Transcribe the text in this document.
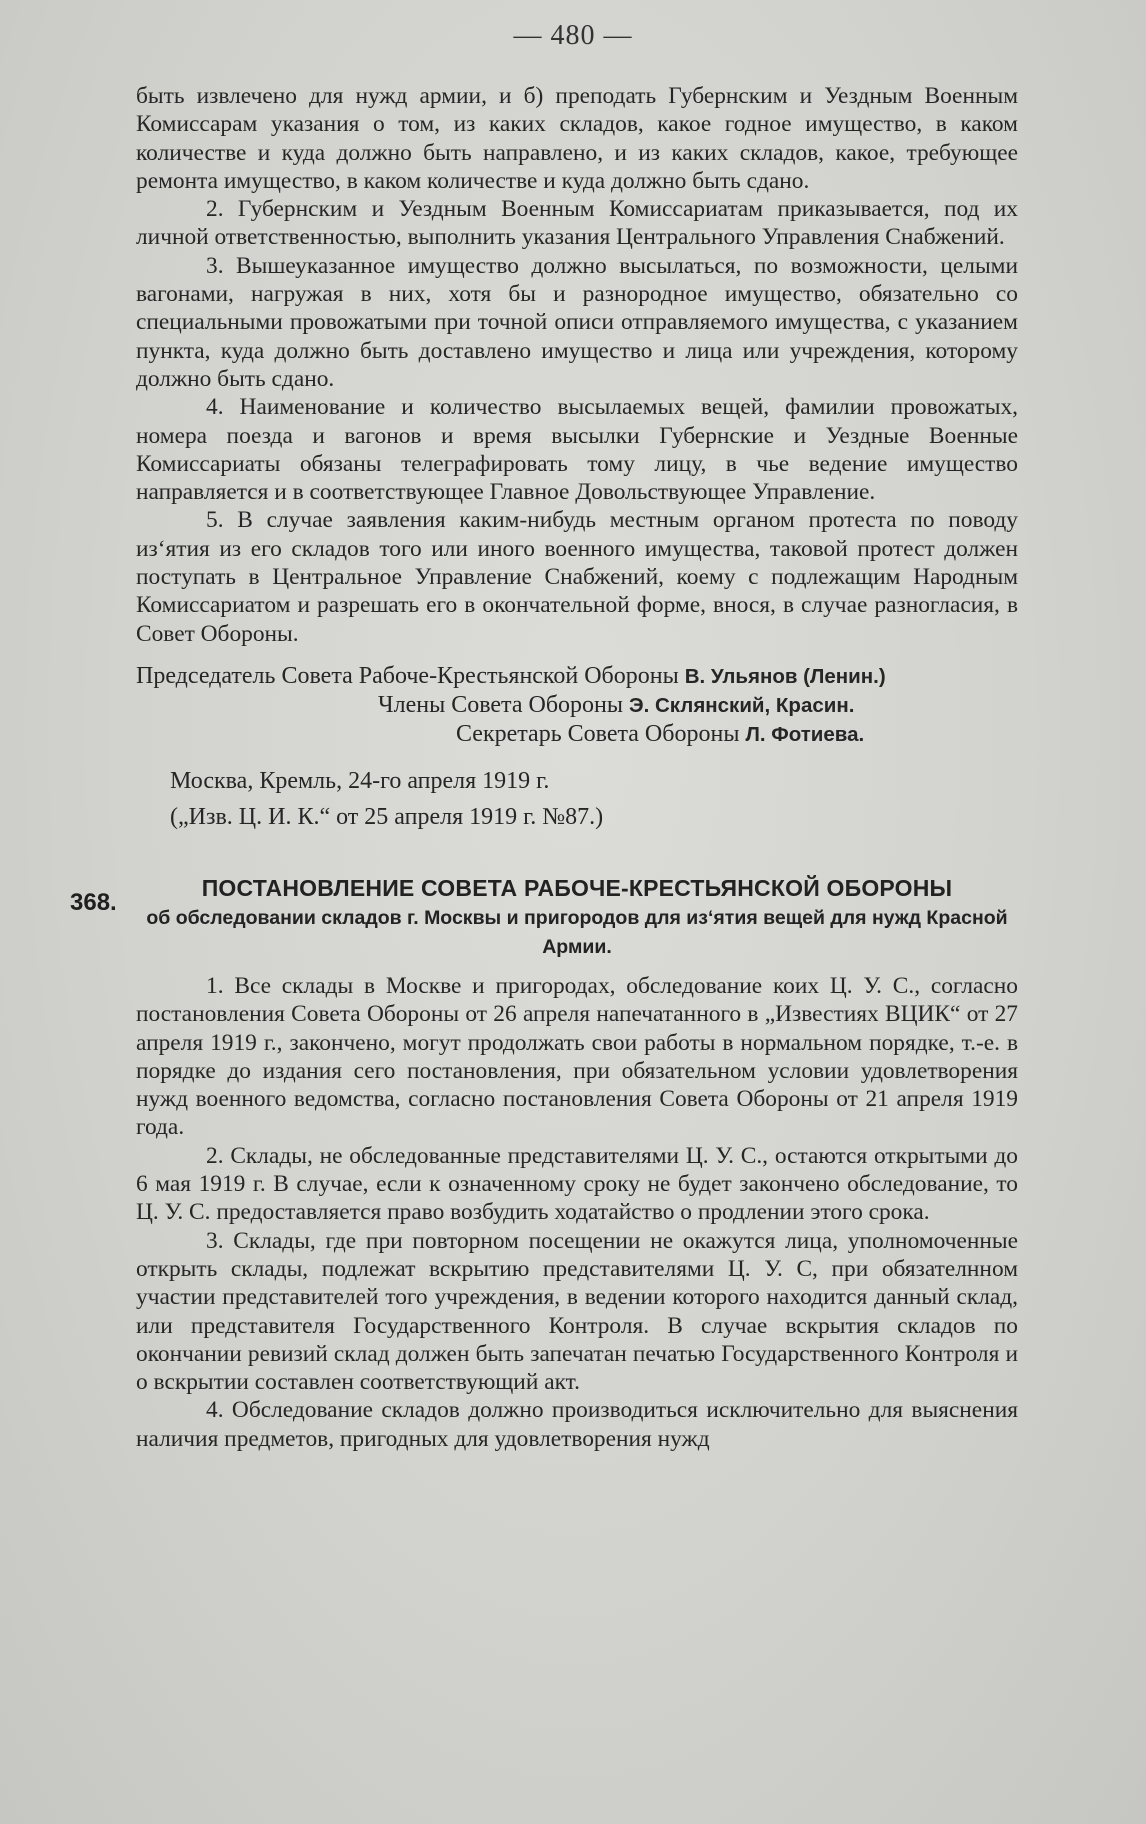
— 480 —

быть извлечено для нужд армии, и б) преподать Губернским и Уездным Военным Комиссарам указания о том, из каких складов, какое годное имущество, в каком количестве и куда должно быть направлено, и из каких складов, какое, требующее ремонта имущество, в каком количестве и куда должно быть сдано.

2. Губернским и Уездным Военным Комиссариатам приказывается, под их личной ответственностью, выполнить указания Центрального Управления Снабжений.

3. Вышеуказанное имущество должно высылаться, по возможности, целыми вагонами, нагружая в них, хотя бы и разнородное имущество, обязательно со специальными провожатыми при точной описи отправляемого имущества, с указанием пункта, куда должно быть доставлено имущество и лица или учреждения, которому должно быть сдано.

4. Наименование и количество высылаемых вещей, фамилии провожатых, номера поезда и вагонов и время высылки Губернские и Уездные Военные Комиссариаты обязаны телеграфировать тому лицу, в чье ведение имущество направляется и в соответствующее Главное Довольствующее Управление.

5. В случае заявления каким-нибудь местным органом протеста по поводу из‘ятия из его складов того или иного военного имущества, таковой протест должен поступать в Центральное Управление Снабжений, коему с подлежащим Народным Комиссариатом и разрешать его в окончательной форме, внося, в случае разногласия, в Совет Обороны.

Председатель Совета Рабоче-Крестьянской Обороны В. Ульянов (Ленин.)
Члены Совета Обороны Э. Склянский, Красин.
Секретарь Совета Обороны Л. Фотиева.
Москва, Кремль, 24-го апреля 1919 г.
(„Изв. Ц. И. К.“ от 25 апреля 1919 г. №87.)
368.
ПОСТАНОВЛЕНИЕ СОВЕТА РАБОЧЕ-КРЕСТЬЯНСКОЙ ОБОРОНЫ
об обследовании складов г. Москвы и пригородов для из‘ятия вещей для нужд Красной Армии.

1. Все склады в Москве и пригородах, обследование коих Ц. У. С., согласно постановления Совета Обороны от 26 апреля напечатанного в „Известиях ВЦИК“ от 27 апреля 1919 г., закончено, могут продолжать свои работы в нормальном порядке, т.-е. в порядке до издания сего постановления, при обязательном условии удовлетворения нужд военного ведомства, согласно постановления Совета Обороны от 21 апреля 1919 года.

2. Склады, не обследованные представителями Ц. У. С., остаются открытыми до 6 мая 1919 г. В случае, если к означенному сроку не будет закончено обследование, то Ц. У. С. предоставляется право возбудить ходатайство о продлении этого срока.

3. Склады, где при повторном посещении не окажутся лица, уполномоченные открыть склады, подлежат вскрытию представителями Ц. У. С, при обязателнном участии представителей того учреждения, в ведении которого находится данный склад, или представителя Государственного Контроля. В случае вскрытия складов по окончании ревизий склад должен быть запечатан печатью Государственного Контроля и о вскрытии составлен соответствующий акт.

4. Обследование складов должно производиться исключительно для выяснения наличия предметов, пригодных для удовлетворения нужд
